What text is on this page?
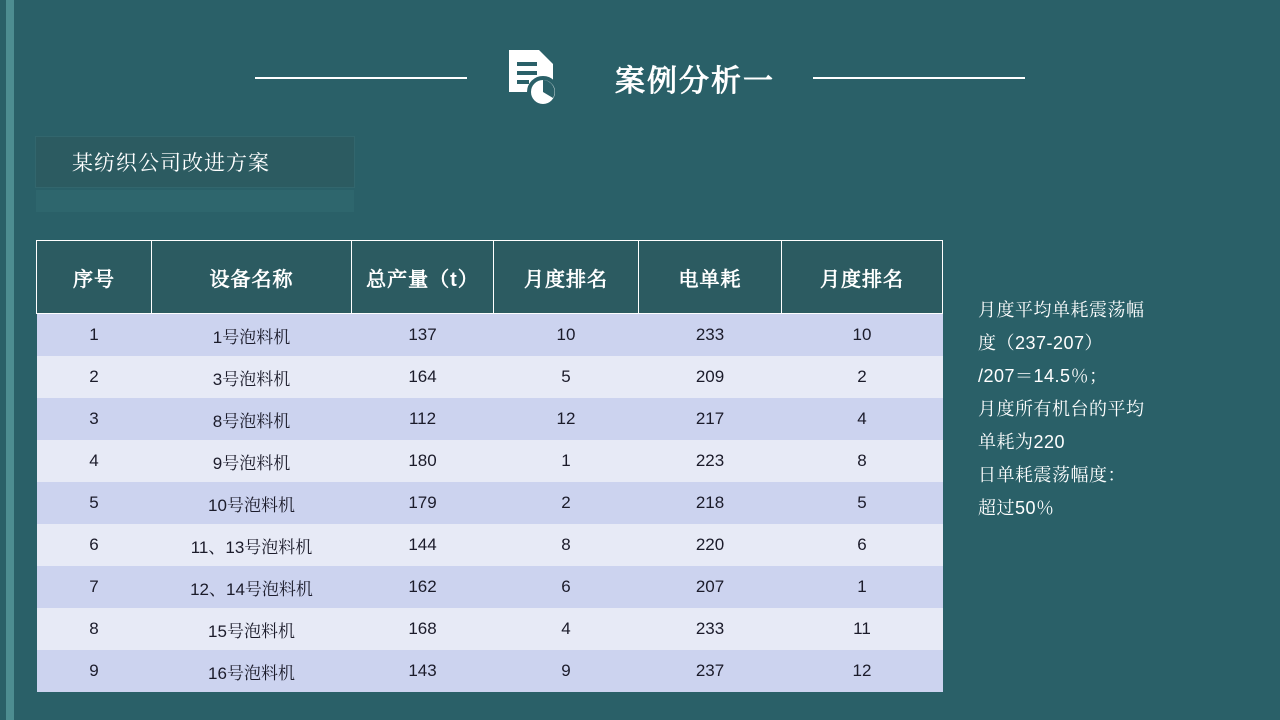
案例分析一
某纺织公司改进方案
序号	设备名称	总产量（t）	月度排名	电单耗	月度排名
1	1号泡料机	137	10	233	10
2	3号泡料机	164	5	209	2
3	8号泡料机	112	12	217	4
4	9号泡料机	180	1	223	8
5	10号泡料机	179	2	218	5
6	11、13号泡料机	144	8	220	6
7	12、14号泡料机	162	6	207	1
8	15号泡料机	168	4	233	11
9	16号泡料机	143	9	237	12
月度平均单耗震荡幅
度（237-207）
/207＝14.5％；
月度所有机台的平均
单耗为220
日单耗震荡幅度：
超过50％
